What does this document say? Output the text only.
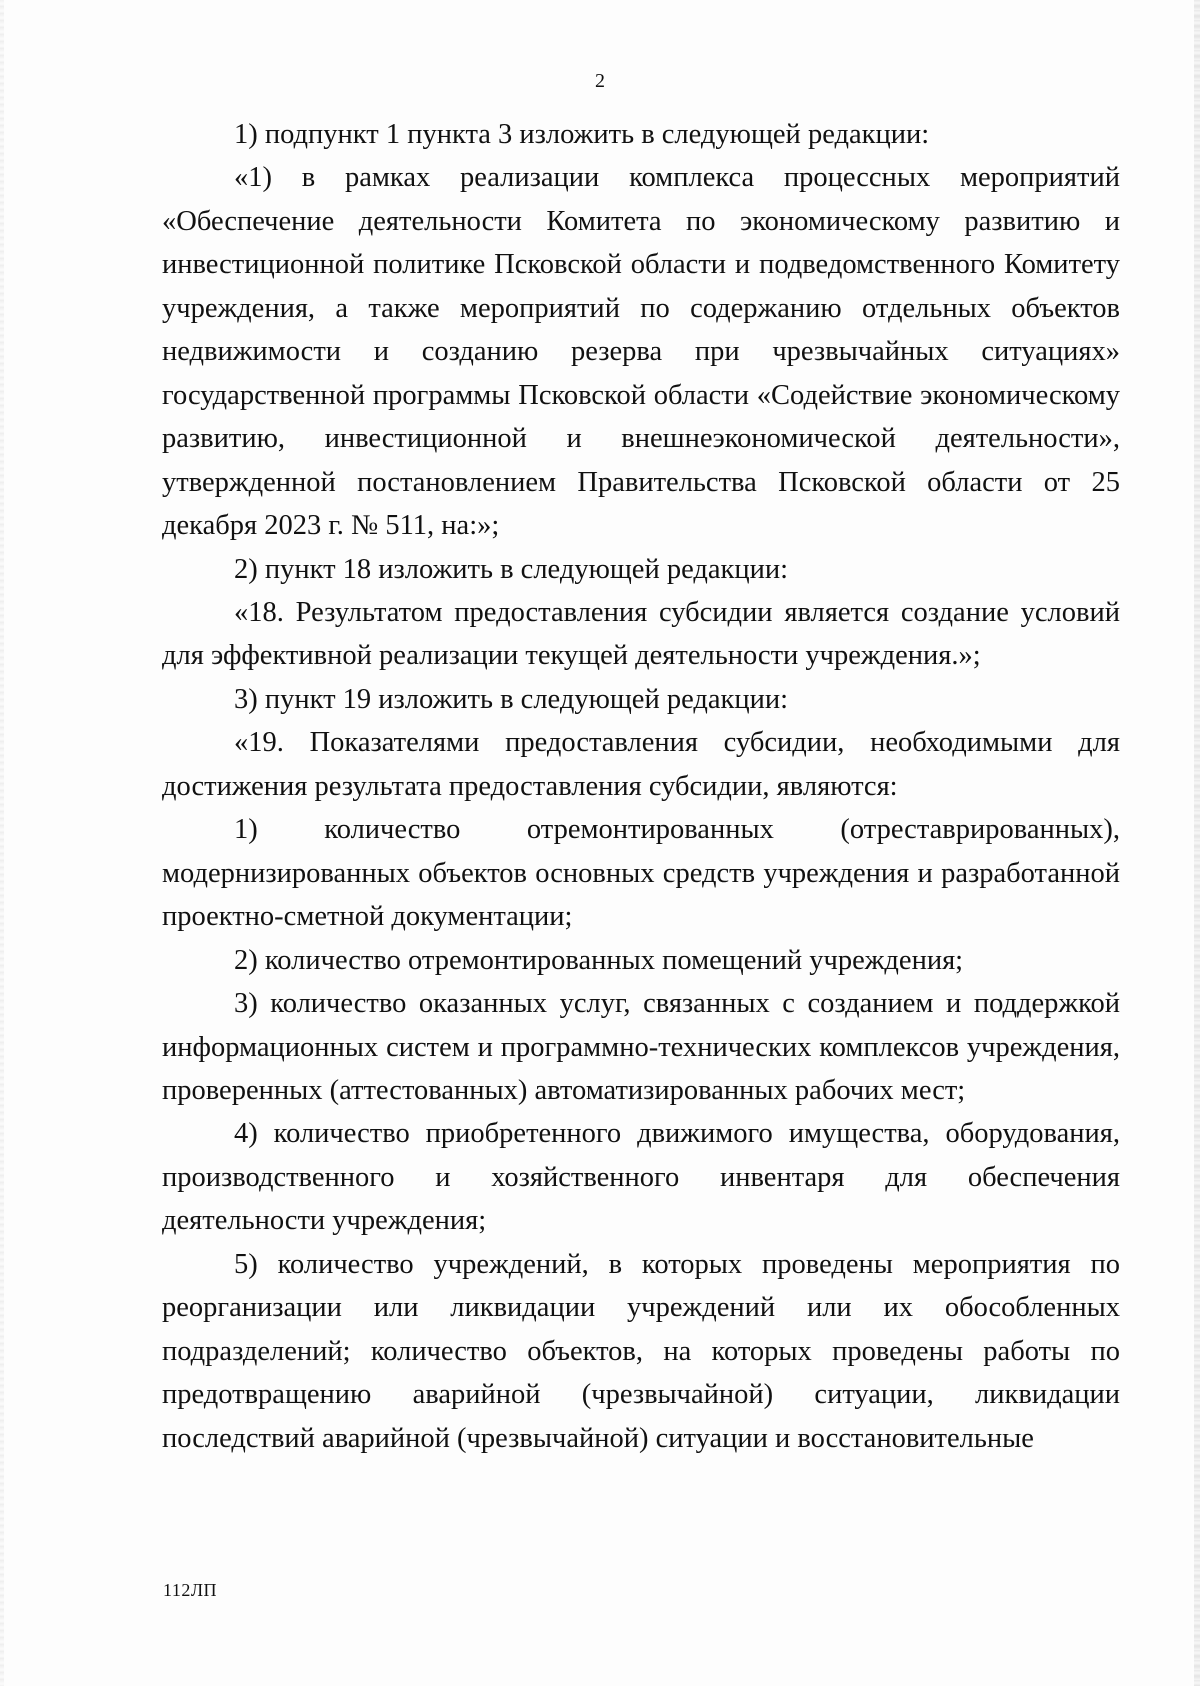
2

1) подпункт 1 пункта 3 изложить в следующей редакции:

«1) в рамках реализации комплекса процессных мероприятий «Обеспечение деятельности Комитета по экономическому развитию и инвестиционной политике Псковской области и подведомственного Комитету учреждения, а также мероприятий по содержанию отдельных объектов недвижимости и созданию резерва при чрезвычайных ситуациях» государственной программы Псковской области «Содействие экономическому развитию, инвестиционной и внешнеэкономической деятельности», утвержденной постановлением Правительства Псковской области от 25 декабря 2023 г. № 511, на:»;

2) пункт 18 изложить в следующей редакции:

«18. Результатом предоставления субсидии является создание условий для эффективной реализации текущей деятельности учреждения.»;

3) пункт 19 изложить в следующей редакции:

«19. Показателями предоставления субсидии, необходимыми для достижения результата предоставления субсидии, являются:

1) количество отремонтированных (отреставрированных), модернизированных объектов основных средств учреждения и разработанной проектно-сметной документации;

2) количество отремонтированных помещений учреждения;

3) количество оказанных услуг, связанных с созданием и поддержкой информационных систем и программно-технических комплексов учреждения, проверенных (аттестованных) автоматизированных рабочих мест;

4) количество приобретенного движимого имущества, оборудования, производственного и хозяйственного инвентаря для обеспечения деятельности учреждения;

5) количество учреждений, в которых проведены мероприятия по реорганизации или ликвидации учреждений или их обособленных подразделений; количество объектов, на которых проведены работы по предотвращению аварийной (чрезвычайной) ситуации, ликвидации последствий аварийной (чрезвычайной) ситуации и восстановительные

112ЛП
